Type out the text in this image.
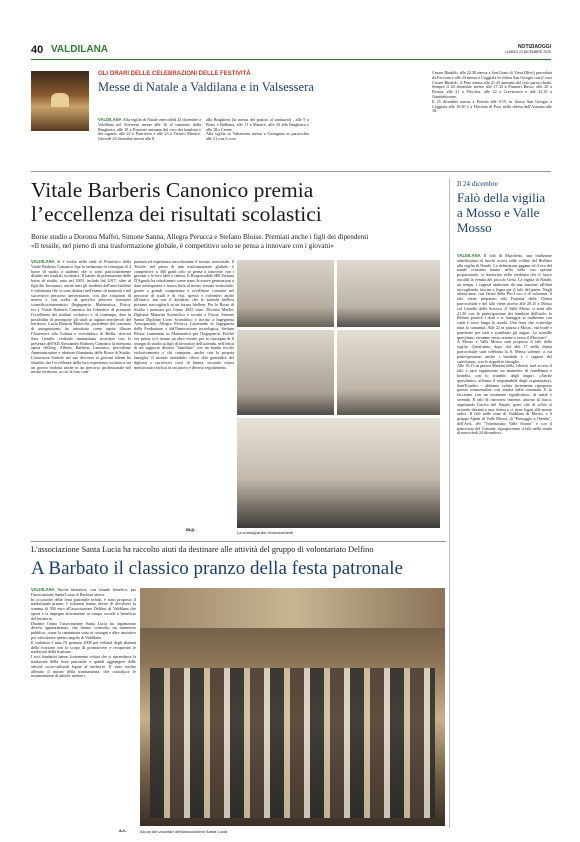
40 VALDILANA	NOTIZIAOGGI
LUNEDÌ 22 DICEMBRE 2025
GLI ORARI DELLE CELEBRAZIONI DELLE FESTIVITÀ
Messe di Natale a Valdilana e in Valsessera

VALDILANA Alla vigilia di Natale mercoledì 24 dicembre a Valdilana nel Triverese messe alle 16 al santuario della Brughiera, alle 18 a Ponzone animata dal coro dei bambini e dei ragazzi, alle 22 a Pratrivero e alle 23 a Trivero Matrice. Giovedì 25 dicembre messa alle 8

alla Brughiera (la messa dei pastori al santuario) , alle 9 a Botto e Bulliana, alle 11 a Matrice, alle 16 alla Brughiera e alle 18 a Cereie.
Alla vigilia in Valsessera messa a Castagnea in parrocchia alle 21 con il coro

Cesare Rinaldo, alle 22.30 messa a San Grato di Viera (Rivò) preceduta da Facciata e alle 24 messa a Coggiola in chiesa San Giorgio con il coro Cesare Rinaldo. A Pray messa alle 21.45 animata dal coro parrocchiale. Sempre il 24 dicembre messe alle 17.30 a Piancerì Basso, alle 20 a Postua, alle 21 a Flecchia, alle 22 a Crevacuore e alle 22.30 a Guardabosone.
Il 25 dicembre messa a Portula alle 9.15, in chiesa San Giorgio a Coggiola alle 10.30 e a Flecchia di Pray nella chiesa dell'Assunta alle 18.

Vitale Barberis Canonico premia
l’eccellenza dei risultati scolastici
Borse studio a Dorotea Maffei, Simone Sanna, Allegra Perucca e Stefano Bloise. Premiati anche i figli dei dipendenti
«Il tessile, nel pieno di una trasformazione globale, è competitivo solo se pensa a innovare con i giovani»

VALDILANA Si è svolta nella sede di Pratrivero della Vitale Barberis Canonico Spa la cerimonia di consegna di 4 borse di studio a studenti che si sono particolarmente distinti nei risultati scolastici. Il bando di premiazione delle borse di studio, nato nel 2003, include dal 2017, oltre ai figli dei lavoratori, anche tutti gli studenti dell'area biellese e valsesiana che si sono distinti nell'esame di maturità e nel successivo percorso universitario, con alte votazioni di merito e con scelta di specifici percorsi formativi scientifico/matematici (Ingegneria, Matematica, Fisica, ecc.). Vitale Barberis Canonico ha l'obiettivo di premiare l'eccellenza dei risultati scolastici e, al contempo, dare la possibilità di proseguire gli studi ai ragazzi meritevoli del territorio. Lucia Bianchi Maiocchi, presidente del comitato di assegnazione, ha introdotto come ospite illustre l'Assessore alla Cultura e vicesindaco di Biella, dott.ssa Sara Gentile, vedendo innanzitutto ricordato con la presenza dell'AD Alessandro Barberis Canonico la memoria opera dell'ing. Alberto Barberis Canonico, precedente Amministratore e ideatore illuminato delle Borse di Studio. L'assessore Gentile nel suo discorso ai giovani talenti ha ribadito che l'eccellenza della loro esperienza scolastica sia un giorno tradotta anche in un percorso professionale nel nostro territorio, in cui la loro com-

petenza ed esperienza arricchiranno il tessuto territoriale. Il Tessile, nel pieno di una trasformazione globale, è competitivo a 360 gradi solo se pensa a innovare con i giovani e le loro idee e talenti. Il Responsabile HR Stefano D'Agnolo ha sottolineato come siano le nuove generazioni a dare un'impronta e nuova linfa al nostro tessuto territoriale, grazie a grandi competenze e eccellenze costruite nel percorso di studi e di vita, spesso e volentieri anche all'estero, ma con il desiderio che le aziende biellesi possano riaccoglierli in un futuro biellese. Per le Borse di Studio i premiati per l'anno 2025 sono: Dorotea Maffei, Diploma Maturità Scientifica e iscritta a Fisica, Simone Sanna Diploma Liceo Scientifico e iscritto a Ingegneria Aerospaziale, Allegra Perucca Laureanda in Ingegneria della Produzione e dell'Innovazione tecnologica, Stefano Bloise Laureando in Matematica per l'Ingegneria. Poiché ore prima si è tenuto un altro evento per la consegna di 6 assegni di studio ai figli di lavoratori dell'azienda, nell'ottica di un supporto diverso "familiare" con un bando rivolto esclusivamente a chi compone, anche con la propria famiglia, il mondo aziendale, rilevo alla generalità dei diplomi e successivi corsi di laurea, secondo criteri meritocratici inclusi in un nuovo e diverso regolamento.

m.p.	La consegna dei riconoscimenti
Il 24 dicembre
Falò della vigilia a Mosso e Valle Mosso

VALDILANA Il falò di Marchetto, una tradizione antichissima di fuochi accesi sulle colline del Biellese alla vigilia di Natale. La definizione pagana ed il rito del natale cristiano hanno nella valle con sperare propiziatorie, si trasforma nella credenza che il fuoco riscaldi la venuta del piccolo Gesù. La vigilia di Natale, un tempo, i ragazzi andavano da una frazione all'altra raccogliendo fascine e legna per il falò del paese. Negli ultimi anni, con l'aiuto delle Pro Loco e di volontari, il falò viene preparato alla Fontana della Chiesa parrocchiale e del falò viene acceso alle 20.15 a Mosso col Castello della Sciosca. A Valle Mosso si terrà alle 21.30 con la partecipazione dei bambini dell'asilo: la Befana porterà i doni e si festeggia la tradizione con canti e torce lungo la strada. Una festa che coinvolge tutta la comunità. Alle 22 in piazza a Mosso, vin brulé e panettone per tutti e scambiati gli auguri. Le scintille quest'anno vivranno verso oriente o verso il Macrone?
A Mosso e Valle Mosso sarà proposto il falò della vigilia. Quest'anno, dopo che alle 17 nella chiesa parrocchiale sarà celebrata la S. Messa solenne, a cui parteciperanno anche i bambini e i ragazzi del catechismo, con le rispettive famiglie.
Alle 18.15 in piazza Mantini della Libertà, sarà acceso il falò e sarà organizzato un momento di fratellanza e brindisi, con lo scambio degli auguri. «Anche quest'anno» afferma il responsabile degli organizzatori, Sant'Eusebio - abbiamo voluto fortemente riproporre questa consuetudine così sentita dalla comunità. E lo facciamo con un momento significativo, di unità e serenità. Il falò di ritrovarsi insieme, attorno al fuoco, aspettando l'arrivo del Natale, gesto che di solito si accende davanti a una chiesa e ci tiene legati alle nostre radici. Il falò nelle zone di Valdilana di Mosso, e il gruppo Alpini di Valle Mosso, di "Passaggio a Oriente", dell'Avis, del "Volontariato Valle Strona" e con il patrocinio del Comune, riproporremo il falò nella serata di mercoledì 24 dicembre».

L'associazione Santa Lucia ha raccolto aiuti da destinare alle attività del gruppo di volontariato Delfino
A Barbato il classico pranzo della festa patronale

VALDILANA Nuova iniziativa, con sfondo benefico, per l'associazione Santa Lucia di Barbato ottava.
In occasione della festa patronale infatti, è stato proposto il tradizionale pranzo. I volontari hanno deciso di devolvere la somma di 500 euro all'associazione Delfino di Valdilana che opera e si impegna attivamente in campo sociale a beneficio del territorio.
Durante l'anno l'associazione Santa Lucia ha organizzato diversi appuntamenti, che hanno coinvolto un numeroso pubblico, come la camminata sotto ai castagni e altre iniziative per valorizzare questo angolo di Valdilana.
Il sodalizio è nato l'8 gennaio 2008 per volontà degli abitanti della frazione con lo scopo di promuovere e recuperare le tradizioni della frazione.
I soci fondatori hanno fortemente voluto che si riprendesse la tradizione della festa patronale e quindi aggiungere delle attività socio-culturali legate al territorio. E' stato inoltre allestito il museo della transumanza, che custodisce le testimonianze di antichi mestieri.

a.s.	Alcuni dei volontari dell'associazione Santa Lucia
